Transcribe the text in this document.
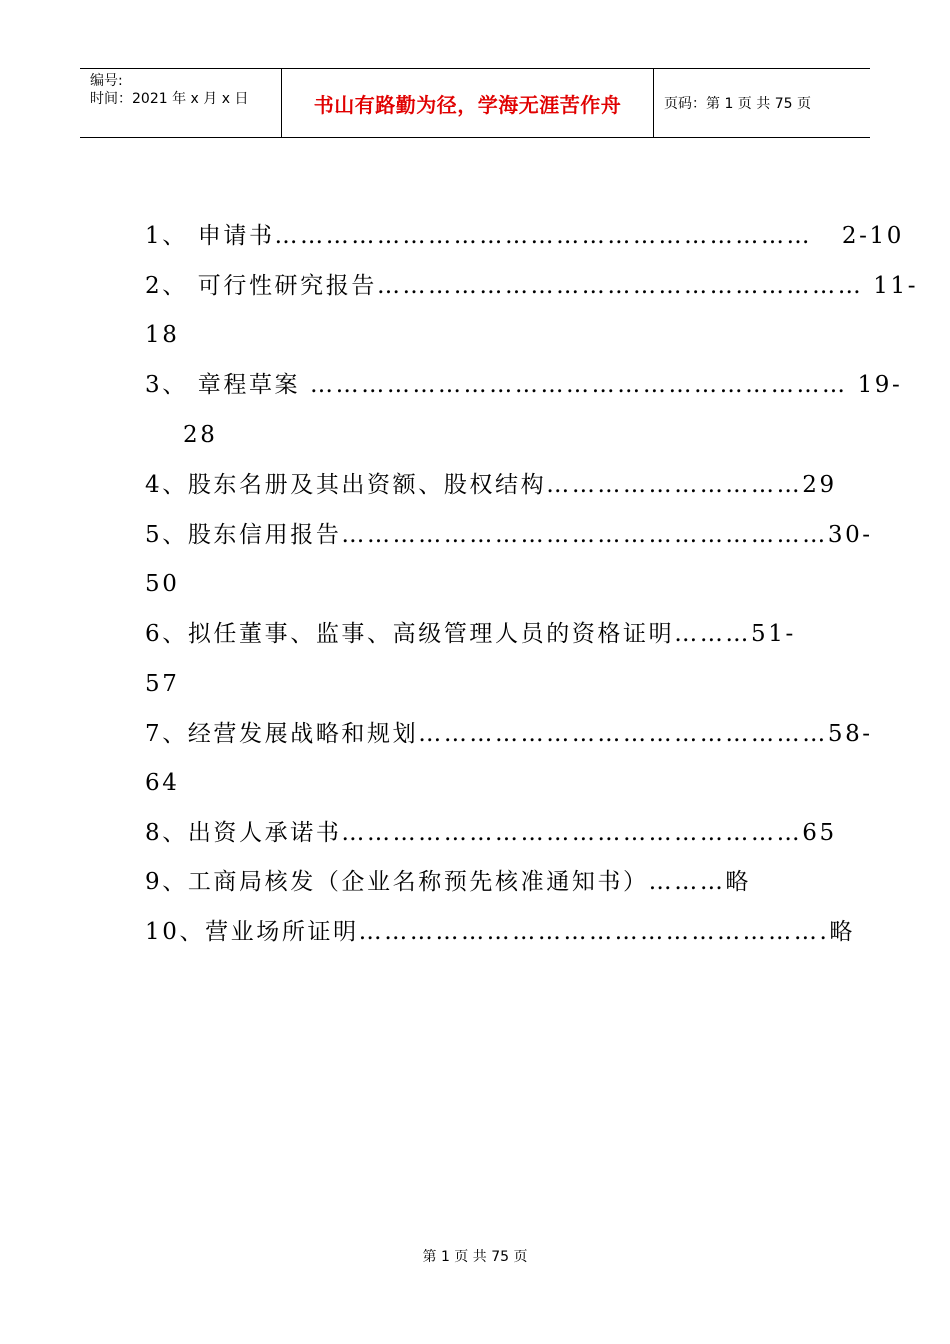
编号:
时间：2021 年 x 月 x 日	书山有路勤为径，学海无涯苦作舟	页码：第 1 页 共 75 页
1、 申请书………………………………………………………   2-10
2、 可行性研究报告………………………………………………… 11-
18
3、 章程草案 ……………………………………………………… 19-
28
4、股东名册及其出资额、股权结构…………………………29
5、股东信用报告…………………………………………………30-
50
6、拟任董事、监事、高级管理人员的资格证明………51-
57
7、经营发展战略和规划…………………………………………58-
64
8、出资人承诺书………………………………………………65
9、工商局核发（企业名称预先核准通知书）………略
10、营业场所证明……………………………………………….略
第 1 页 共 75 页
